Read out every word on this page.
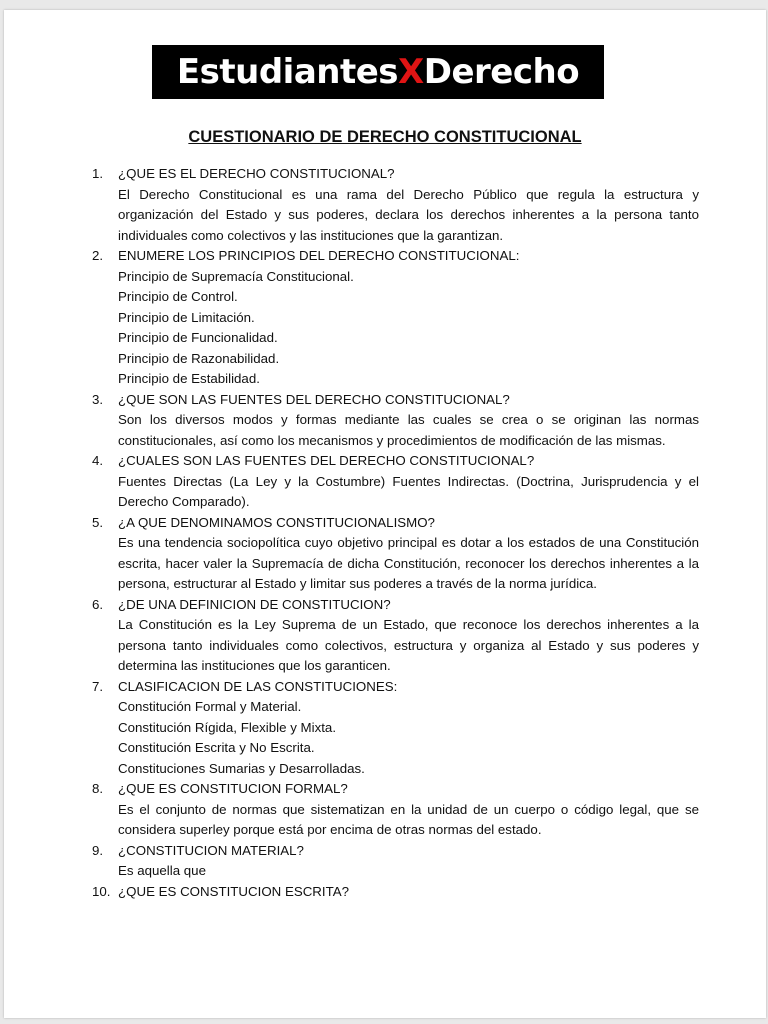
Estudiantes X Derecho
CUESTIONARIO DE DERECHO CONSTITUCIONAL
1.	¿QUE ES EL DERECHO CONSTITUCIONAL?
El Derecho Constitucional es una rama del Derecho Público que regula la estructura y organización del Estado y sus poderes, declara los derechos inherentes a la persona tanto individuales como colectivos y las instituciones que la garantizan.
2.	ENUMERE LOS PRINCIPIOS DEL DERECHO CONSTITUCIONAL:
Principio de Supremacía Constitucional.
Principio de Control.
Principio de Limitación.
Principio de Funcionalidad.
Principio de Razonabilidad.
Principio de Estabilidad.
3.	¿QUE SON LAS FUENTES DEL DERECHO CONSTITUCIONAL?
Son los diversos modos y formas mediante las cuales se crea o se originan las normas constitucionales, así como los mecanismos y procedimientos de modificación de las mismas.
4.	¿CUALES SON LAS FUENTES DEL DERECHO CONSTITUCIONAL?
Fuentes Directas (La Ley y la Costumbre) Fuentes Indirectas. (Doctrina, Jurisprudencia y el Derecho Comparado).
5.	¿A QUE DENOMINAMOS CONSTITUCIONALISMO?
Es una tendencia sociopolítica cuyo objetivo principal es dotar a los estados de una Constitución escrita, hacer valer la Supremacía de dicha Constitución, reconocer los derechos inherentes a la persona, estructurar al Estado y limitar sus poderes a través de la norma jurídica.
6.	¿DE UNA DEFINICION DE CONSTITUCION?
La Constitución es la Ley Suprema de un Estado, que reconoce los derechos inherentes a la persona tanto individuales como colectivos, estructura y organiza al Estado y sus poderes y determina las instituciones que los garanticen.
7.	CLASIFICACION DE LAS CONSTITUCIONES:
Constitución Formal y Material.
Constitución Rígida, Flexible y Mixta.
Constitución Escrita y No Escrita.
Constituciones Sumarias y Desarrolladas.
8.	¿QUE ES CONSTITUCION FORMAL?
Es el conjunto de normas que sistematizan en la unidad de un cuerpo o código legal, que se considera superley porque está por encima de otras normas del estado.
9.	¿CONSTITUCION MATERIAL?
Es aquella que
10. ¿QUE ES CONSTITUCION ESCRITA?
